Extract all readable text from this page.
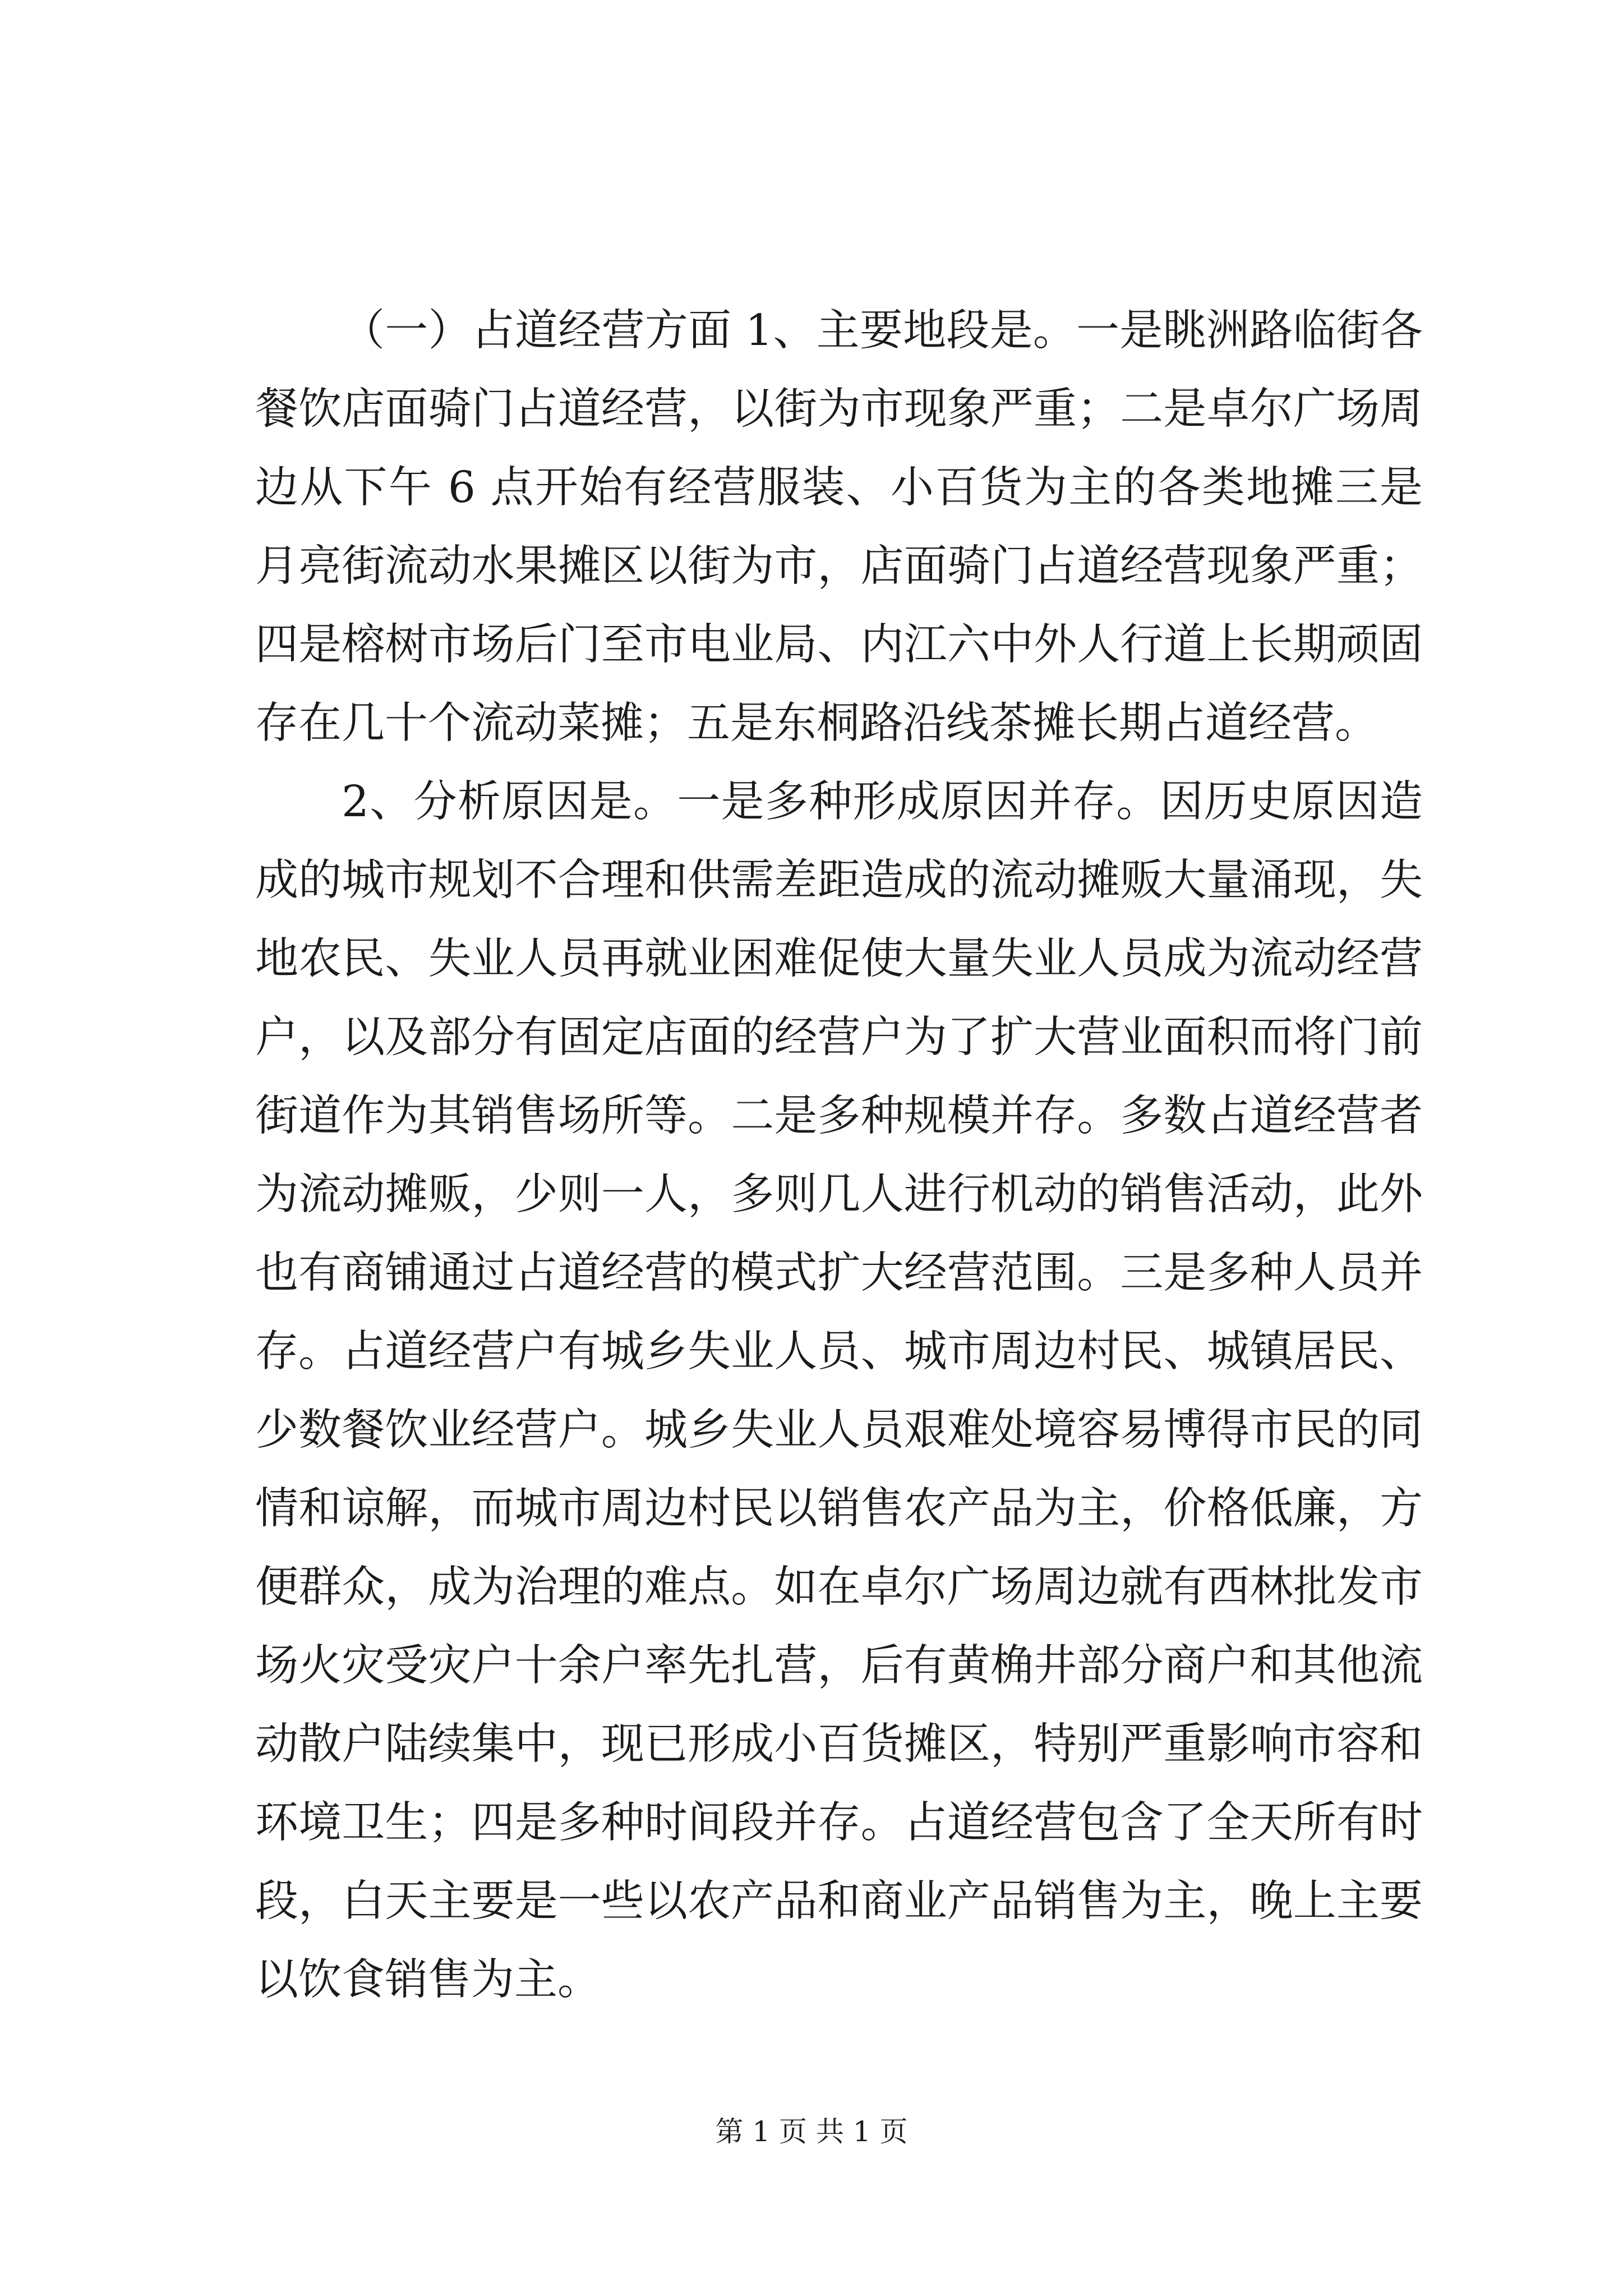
（一）占道经营方面 1、主要地段是。一是眺洲路临街各餐饮店面骑门占道经营，以街为市现象严重；二是卓尔广场周边从下午 6 点开始有经营服装、小百货为主的各类地摊三是月亮街流动水果摊区以街为市，店面骑门占道经营现象严重；四是榕树市场后门至市电业局、内江六中外人行道上长期顽固存在几十个流动菜摊；五是东桐路沿线茶摊长期占道经营。

2、分析原因是。一是多种形成原因并存。因历史原因造成的城市规划不合理和供需差距造成的流动摊贩大量涌现，失地农民、失业人员再就业困难促使大量失业人员成为流动经营户，以及部分有固定店面的经营户为了扩大营业面积而将门前街道作为其销售场所等。二是多种规模并存。多数占道经营者为流动摊贩，少则一人，多则几人进行机动的销售活动，此外也有商铺通过占道经营的模式扩大经营范围。三是多种人员并存。占道经营户有城乡失业人员、城市周边村民、城镇居民、少数餐饮业经营户。城乡失业人员艰难处境容易博得市民的同情和谅解，而城市周边村民以销售农产品为主，价格低廉，方便群众，成为治理的难点。如在卓尔广场周边就有西林批发市场火灾受灾户十余户率先扎营，后有黄桷井部分商户和其他流动散户陆续集中，现已形成小百货摊区，特别严重影响市容和环境卫生；四是多种时间段并存。占道经营包含了全天所有时段，白天主要是一些以农产品和商业产品销售为主，晚上主要以饮食销售为主。

第 1 页 共 1 页
